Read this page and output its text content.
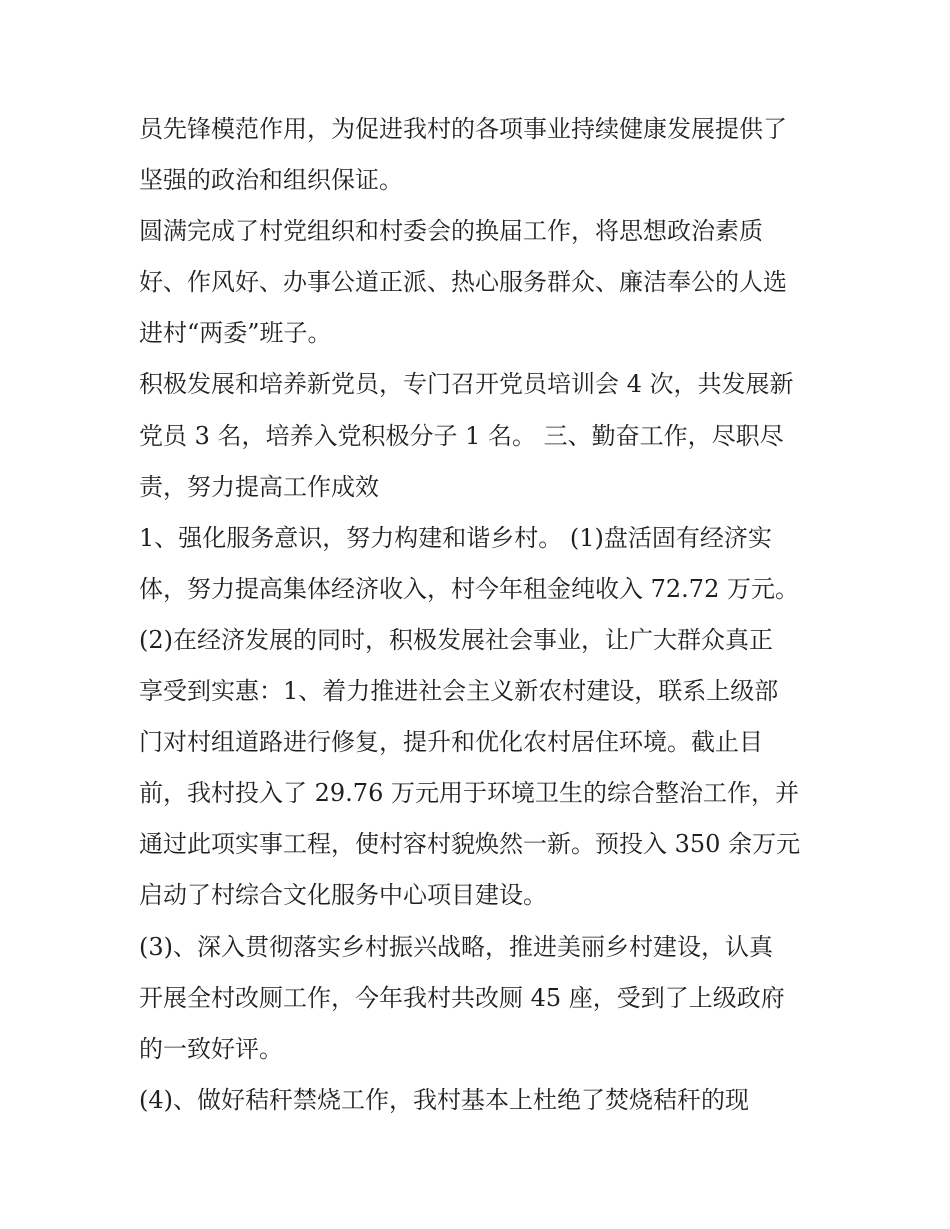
员先锋模范作用，为促进我村的各项事业持续健康发展提供了
坚强的政治和组织保证。
圆满完成了村党组织和村委会的换届工作，将思想政治素质
好、作风好、办事公道正派、热心服务群众、廉洁奉公的人选
进村“两委”班子。
积极发展和培养新党员，专门召开党员培训会 4 次，共发展新
党员 3 名，培养入党积极分子 1 名。 三、勤奋工作，尽职尽
责，努力提高工作成效
1、强化服务意识，努力构建和谐乡村。 (1)盘活固有经济实
体，努力提高集体经济收入，村今年租金纯收入 72.72 万元。
(2)在经济发展的同时，积极发展社会事业，让广大群众真正
享受到实惠：1、着力推进社会主义新农村建设，联系上级部
门对村组道路进行修复，提升和优化农村居住环境。截止目
前，我村投入了 29.76 万元用于环境卫生的综合整治工作，并
通过此项实事工程，使村容村貌焕然一新。预投入 350 余万元
启动了村综合文化服务中心项目建设。
(3)、深入贯彻落实乡村振兴战略，推进美丽乡村建设，认真
开展全村改厕工作，今年我村共改厕 45 座，受到了上级政府
的一致好评。
(4)、做好秸秆禁烧工作，我村基本上杜绝了焚烧秸秆的现
